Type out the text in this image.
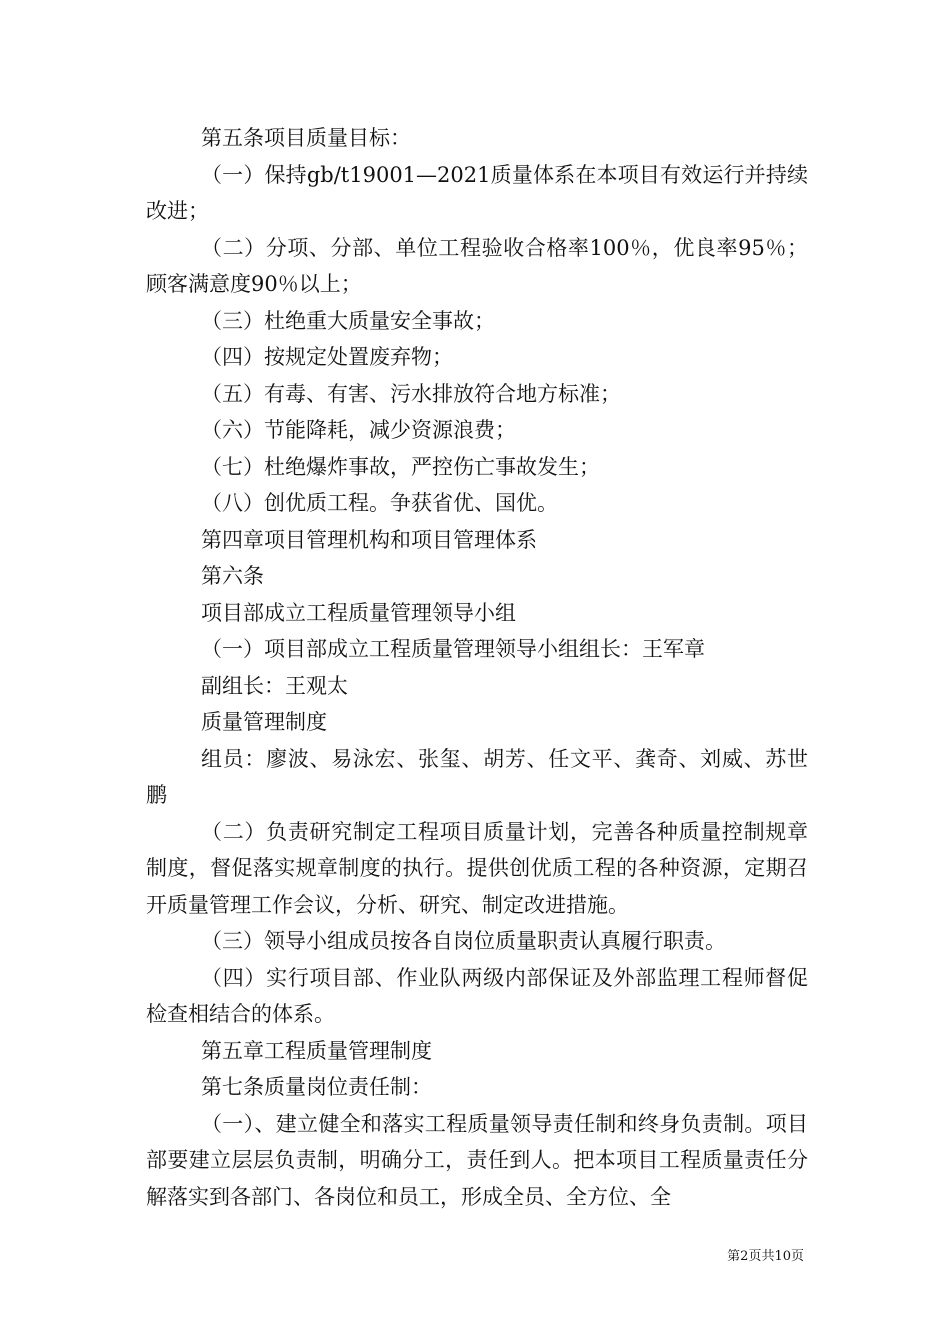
第五条项目质量目标：

（一）保持gb/t19001—2021质量体系在本项目有效运行并持续改进；

（二）分项、分部、单位工程验收合格率100％，优良率95％；顾客满意度90％以上；

（三）杜绝重大质量安全事故；

（四）按规定处置废弃物；

（五）有毒、有害、污水排放符合地方标准；

（六）节能降耗，减少资源浪费；

（七）杜绝爆炸事故，严控伤亡事故发生；

（八）创优质工程。争获省优、国优。

第四章项目管理机构和项目管理体系

第六条

项目部成立工程质量管理领导小组

（一）项目部成立工程质量管理领导小组组长：王军章

副组长：王观太

质量管理制度

组员：廖波、易泳宏、张玺、胡芳、任文平、龚奇、刘威、苏世鹏

（二）负责研究制定工程项目质量计划，完善各种质量控制规章制度，督促落实规章制度的执行。提供创优质工程的各种资源，定期召开质量管理工作会议，分析、研究、制定改进措施。

（三）领导小组成员按各自岗位质量职责认真履行职责。

（四）实行项目部、作业队两级内部保证及外部监理工程师督促检查相结合的体系。

第五章工程质量管理制度

第七条质量岗位责任制：

（一）、建立健全和落实工程质量领导责任制和终身负责制。项目部要建立层层负责制，明确分工，责任到人。把本项目工程质量责任分解落实到各部门、各岗位和员工，形成全员、全方位、全

第2页共10页
